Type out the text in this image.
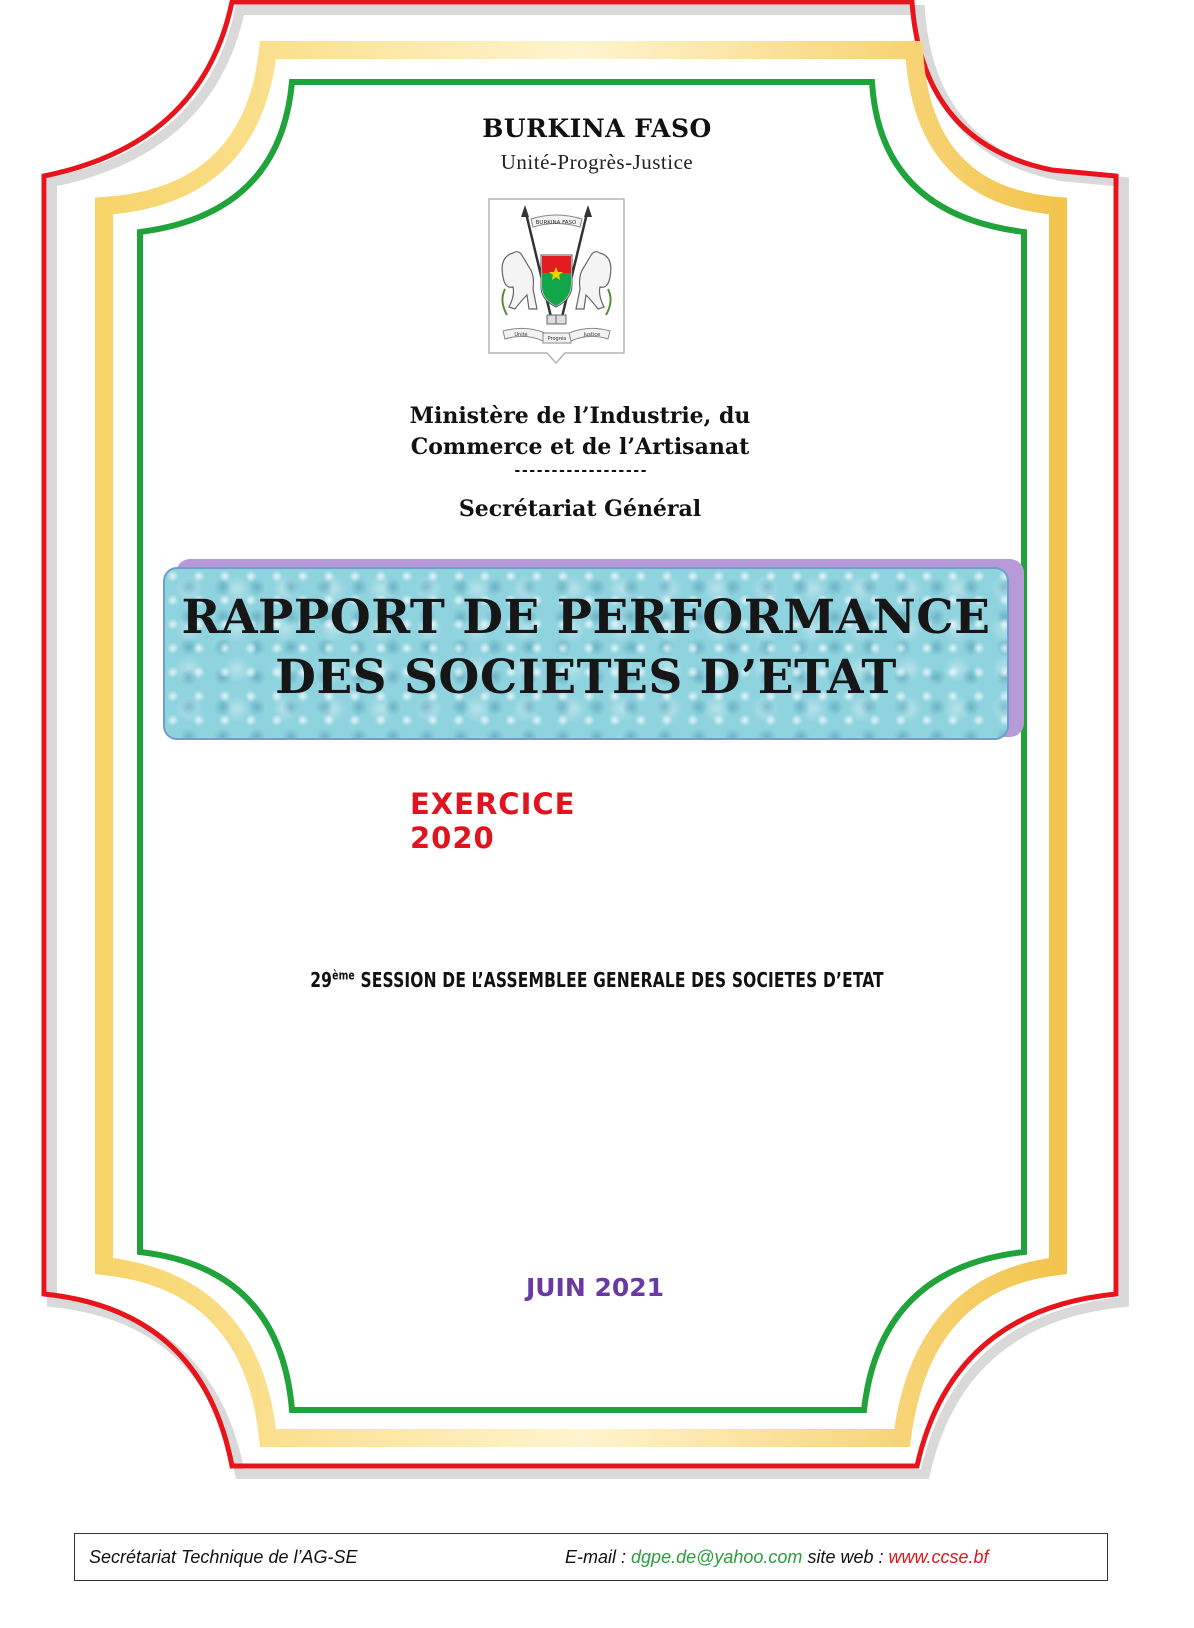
BURKINA FASO
Unité-Progrès-Justice
BURKINA FASO
Unité
Progrès
Justice
Ministère de l’Industrie, du
Commerce et de l’Artisanat
------------------
Secrétariat Général
RAPPORT DE PERFORMANCE
DES SOCIETES D’ETAT
EXERCICE 2020
29ème SESSION DE L’ASSEMBLEE GENERALE DES SOCIETES D’ETAT
JUIN 2021
Secrétariat Technique de l’AG-SE	E-mail : dgpe.de@yahoo.com site web : www.ccse.bf
